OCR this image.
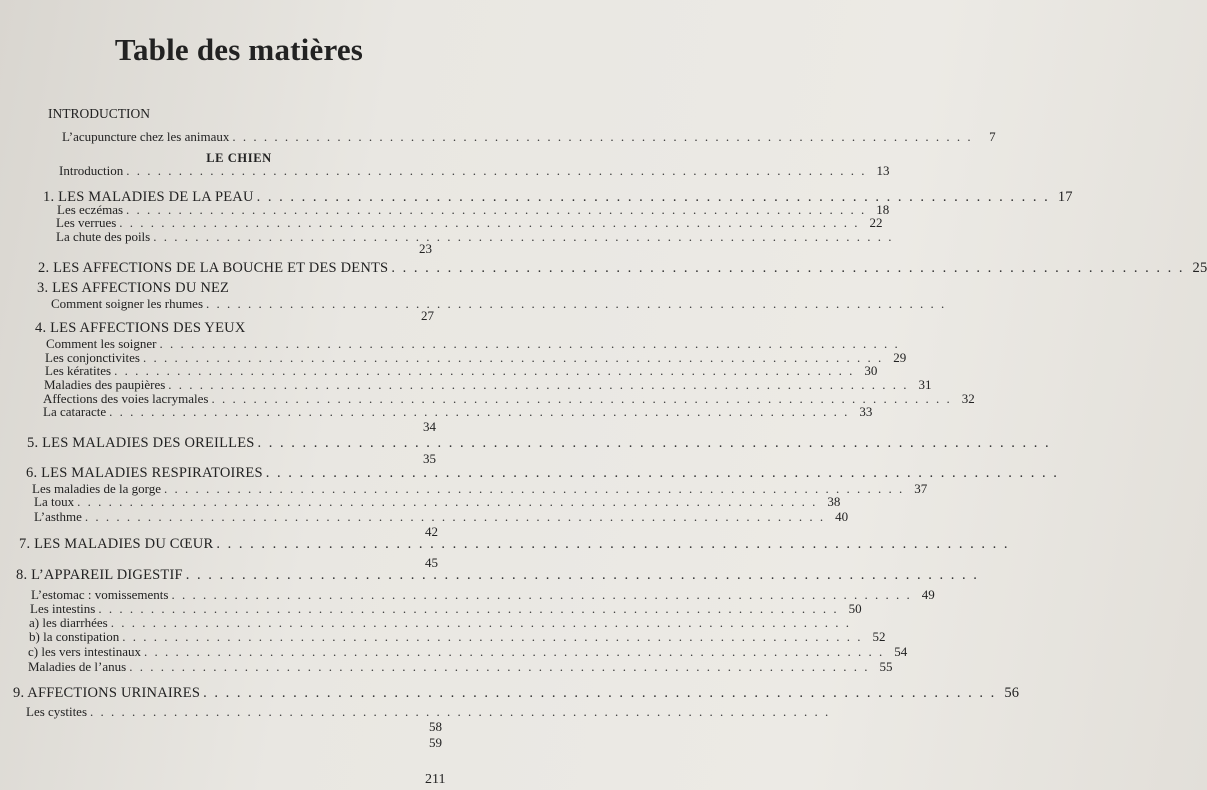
Table des matières
INTRODUCTION
L’acupuncture chez les animaux . . . . . . . . . . . . . . . . . . . . . . . . . . . . . . . . . . . . . . . . . . . . . . . . . . . . . . . . . . . . . . . . . . . . . . .	7
LE CHIEN
Introduction . . . . . . . . . . . . . . . . . . . . . . . . . . . . . . . . . . . . . . . . . . . . . . . . . . . . . . . . . . . . . . . . . . . . . . . 13
1. LES MALADIES DE LA PEAU . . . . . . . . . . . . . . . . . . . . . . . . . . . . . . . . . . . . . . . . . . . . . . . . . . . . . . . . . . . . . . . . . . . . . . . 17
Les eczémas . . . . . . . . . . . . . . . . . . . . . . . . . . . . . . . . . . . . . . . . . . . . . . . . . . . . . . . . . . . . . . . . . . . . . . . 18
Les verrues . . . . . . . . . . . . . . . . . . . . . . . . . . . . . . . . . . . . . . . . . . . . . . . . . . . . . . . . . . . . . . . . . . . . . . . 22
La chute des poils . . . . . . . . . . . . . . . . . . . . . . . . . . . . . . . . . . . . . . . . . . . . . . . . . . . . . . . . . . . . . . . . . . . . . . .
23
2. LES AFFECTIONS DE LA BOUCHE ET DES DENTS . . . . . . . . . . . . . . . . . . . . . . . . . . . . . . . . . . . . . . . . . . . . . . . . . . . . . . . . . . . . . . . . . . . . . . . 25
3. LES AFFECTIONS DU NEZ
Comment soigner les rhumes . . . . . . . . . . . . . . . . . . . . . . . . . . . . . . . . . . . . . . . . . . . . . . . . . . . . . . . . . . . . . . . . . . . . . . .
27
4. LES AFFECTIONS DES YEUX
Comment les soigner . . . . . . . . . . . . . . . . . . . . . . . . . . . . . . . . . . . . . . . . . . . . . . . . . . . . . . . . . . . . . . . . . . . . . . .
Les conjonctivites . . . . . . . . . . . . . . . . . . . . . . . . . . . . . . . . . . . . . . . . . . . . . . . . . . . . . . . . . . . . . . . . . . . . . . . 29
Les kératites . . . . . . . . . . . . . . . . . . . . . . . . . . . . . . . . . . . . . . . . . . . . . . . . . . . . . . . . . . . . . . . . . . . . . . . 30
Maladies des paupières . . . . . . . . . . . . . . . . . . . . . . . . . . . . . . . . . . . . . . . . . . . . . . . . . . . . . . . . . . . . . . . . . . . . . . . 31
Affections des voies lacrymales . . . . . . . . . . . . . . . . . . . . . . . . . . . . . . . . . . . . . . . . . . . . . . . . . . . . . . . . . . . . . . . . . . . . . . . 32
La cataracte . . . . . . . . . . . . . . . . . . . . . . . . . . . . . . . . . . . . . . . . . . . . . . . . . . . . . . . . . . . . . . . . . . . . . . . 33
34
5. LES MALADIES DES OREILLES . . . . . . . . . . . . . . . . . . . . . . . . . . . . . . . . . . . . . . . . . . . . . . . . . . . . . . . . . . . . . . . . . . . . . . .
35
6. LES MALADIES RESPIRATOIRES . . . . . . . . . . . . . . . . . . . . . . . . . . . . . . . . . . . . . . . . . . . . . . . . . . . . . . . . . . . . . . . . . . . . . . .
Les maladies de la gorge . . . . . . . . . . . . . . . . . . . . . . . . . . . . . . . . . . . . . . . . . . . . . . . . . . . . . . . . . . . . . . . . . . . . . . . 37
La toux . . . . . . . . . . . . . . . . . . . . . . . . . . . . . . . . . . . . . . . . . . . . . . . . . . . . . . . . . . . . . . . . . . . . . . . 38
L’asthme . . . . . . . . . . . . . . . . . . . . . . . . . . . . . . . . . . . . . . . . . . . . . . . . . . . . . . . . . . . . . . . . . . . . . . . 40
42
7. LES MALADIES DU CŒUR . . . . . . . . . . . . . . . . . . . . . . . . . . . . . . . . . . . . . . . . . . . . . . . . . . . . . . . . . . . . . . . . . . . . . . .
45
8. L’APPAREIL DIGESTIF . . . . . . . . . . . . . . . . . . . . . . . . . . . . . . . . . . . . . . . . . . . . . . . . . . . . . . . . . . . . . . . . . . . . . . .
L’estomac : vomissements . . . . . . . . . . . . . . . . . . . . . . . . . . . . . . . . . . . . . . . . . . . . . . . . . . . . . . . . . . . . . . . . . . . . . . . 49
Les intestins . . . . . . . . . . . . . . . . . . . . . . . . . . . . . . . . . . . . . . . . . . . . . . . . . . . . . . . . . . . . . . . . . . . . . . . 50
a) les diarrhées . . . . . . . . . . . . . . . . . . . . . . . . . . . . . . . . . . . . . . . . . . . . . . . . . . . . . . . . . . . . . . . . . . . . . . .
b) la constipation . . . . . . . . . . . . . . . . . . . . . . . . . . . . . . . . . . . . . . . . . . . . . . . . . . . . . . . . . . . . . . . . . . . . . . . 52
c) les vers intestinaux . . . . . . . . . . . . . . . . . . . . . . . . . . . . . . . . . . . . . . . . . . . . . . . . . . . . . . . . . . . . . . . . . . . . . . . 54
Maladies de l’anus . . . . . . . . . . . . . . . . . . . . . . . . . . . . . . . . . . . . . . . . . . . . . . . . . . . . . . . . . . . . . . . . . . . . . . . 55
9. AFFECTIONS URINAIRES . . . . . . . . . . . . . . . . . . . . . . . . . . . . . . . . . . . . . . . . . . . . . . . . . . . . . . . . . . . . . . . . . . . . . . . 56
Les cystites . . . . . . . . . . . . . . . . . . . . . . . . . . . . . . . . . . . . . . . . . . . . . . . . . . . . . . . . . . . . . . . . . . . . . . .
58
59
211
